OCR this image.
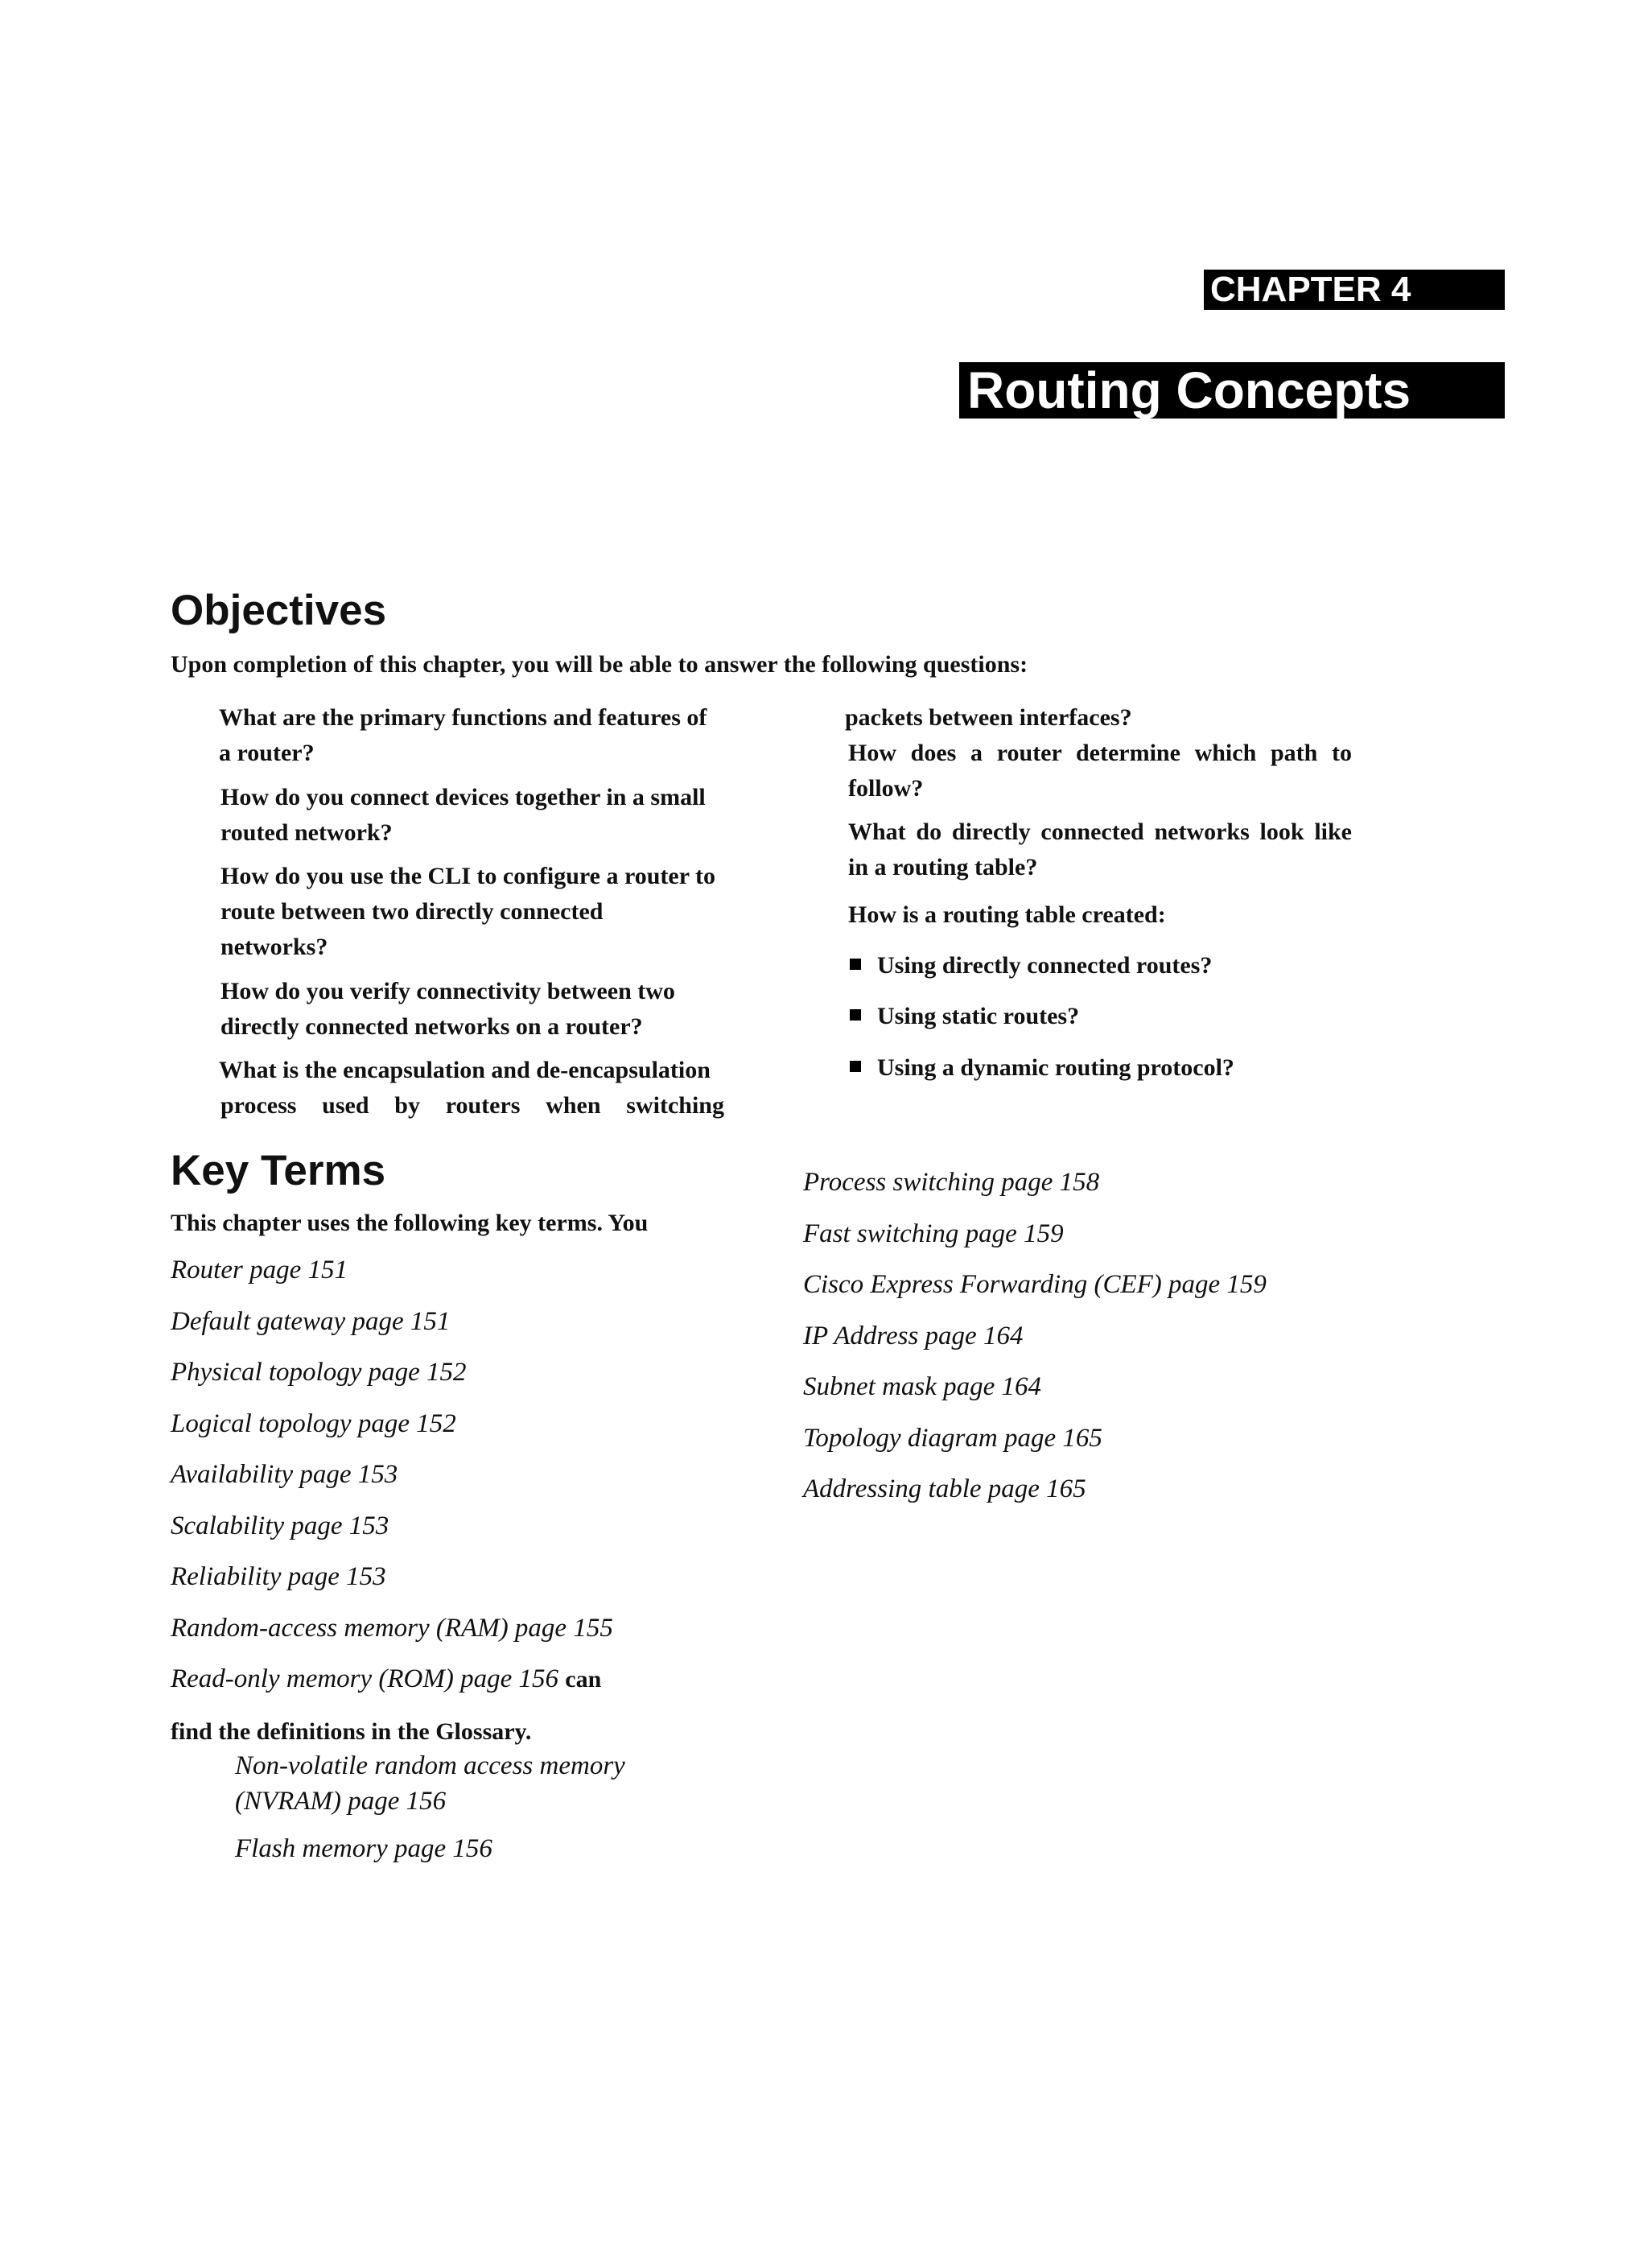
CHAPTER 4
Routing Concepts
Objectives
Upon completion of this chapter, you will be able to answer the following questions:
What are the primary functions and features of
a router?
How do you connect devices together in a small
routed network?
How do you use the CLI to configure a router to
route between two directly connected
networks?
How do you verify connectivity between two
directly connected networks on a router?
What is the encapsulation and de-encapsulation
process used by routers when switching
packets between interfaces?
How does a router determine which path to
follow?
What do directly connected networks look like
in a routing table?
How is a routing table created:
Using directly connected routes?
Using static routes?
Using a dynamic routing protocol?
Key Terms
This chapter uses the following key terms. You
Router page 151
Default gateway page 151
Physical topology page 152
Logical topology page 152
Availability page 153
Scalability page 153
Reliability page 153
Random-access memory (RAM) page 155
Read-only memory (ROM) page 156 can
find the definitions in the Glossary.
Non-volatile random access memory
(NVRAM) page 156
Flash memory page 156
Process switching page 158
Fast switching page 159
Cisco Express Forwarding (CEF) page 159
IP Address page 164
Subnet mask page 164
Topology diagram page 165
Addressing table page 165
